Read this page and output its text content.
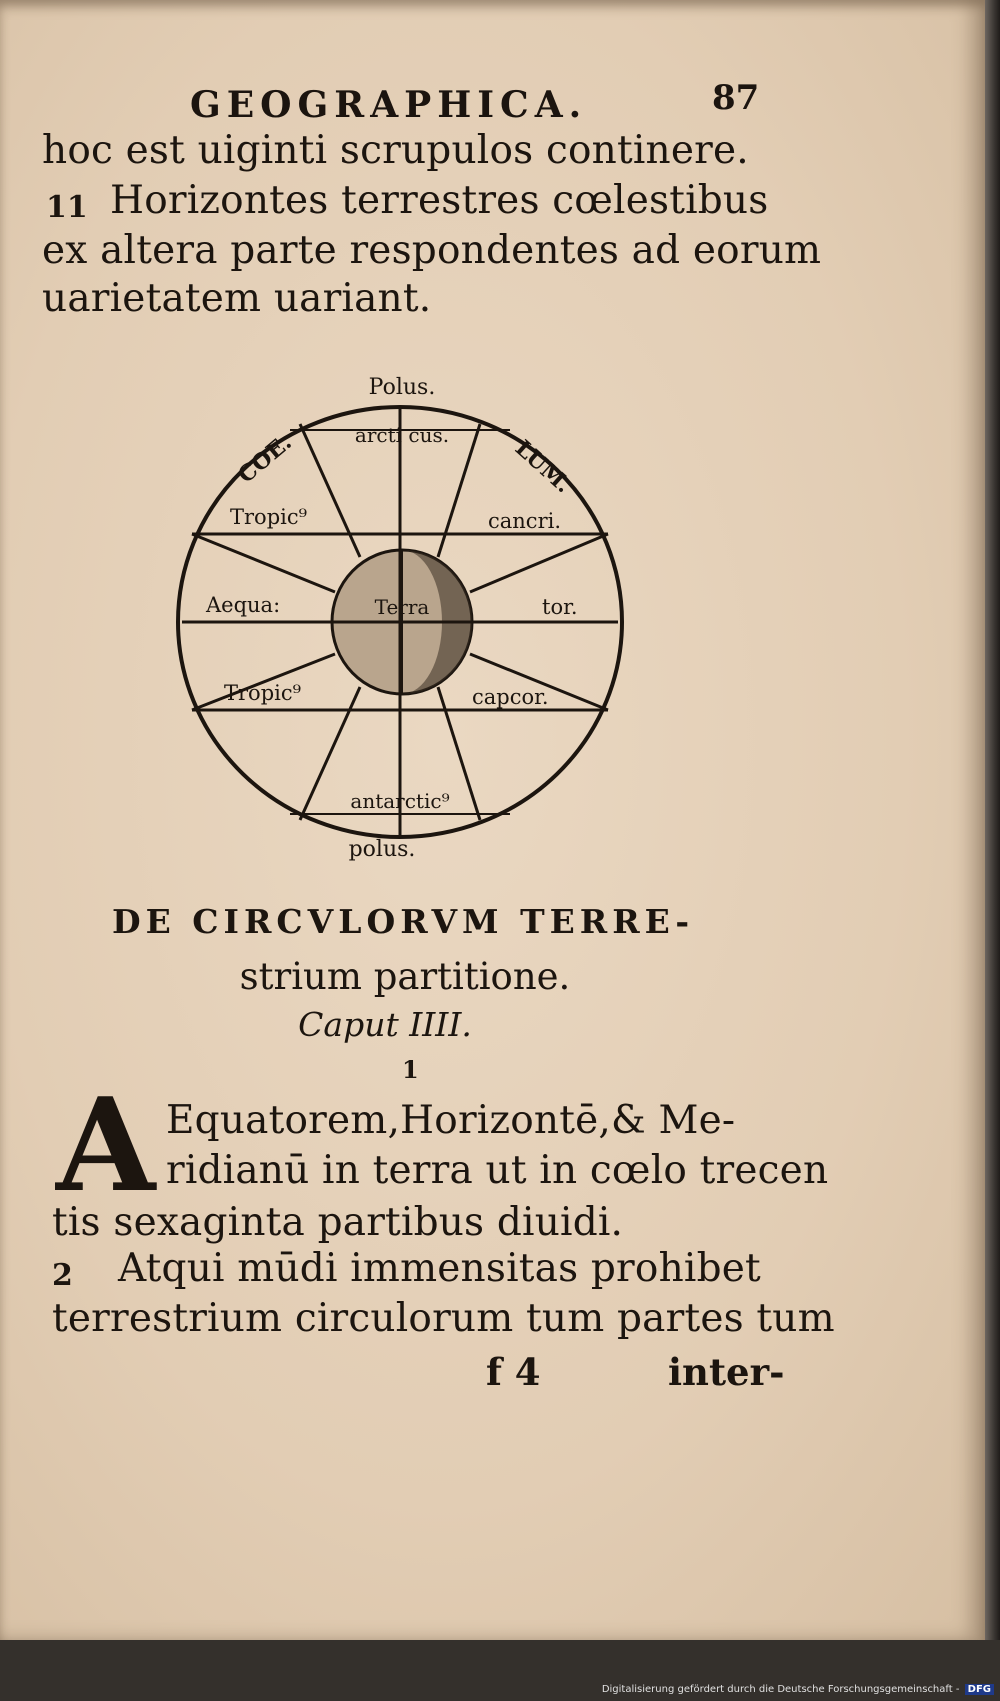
GEOGRAPHICA.	87
hoc est uiginti scrupulos continere.
11 Horizontes terrestres cœlestibus
ex altera parte respondentes ad eorum
uarietatem uariant.
Polus.
arcti cus.
COE.	LUM.
Tropic⁹	cancri.
Aequa:	Terra	tor.
Tropic⁹	capcor.
antarctic⁹
polus.
DE CIRCVLORVM TERRE-
strium partitione.
Caput IIII.
1
A Equatorem,Horizontē,& Me-
ridianū in terra ut in cœlo trecen
tis sexaginta partibus diuidi.
2 Atqui mūdi immensitas prohibet
terrestrium circulorum tum partes tum
f 4	inter-
Digitalisierung gefördert durch die Deutsche Forschungsgemeinschaft - DFG
